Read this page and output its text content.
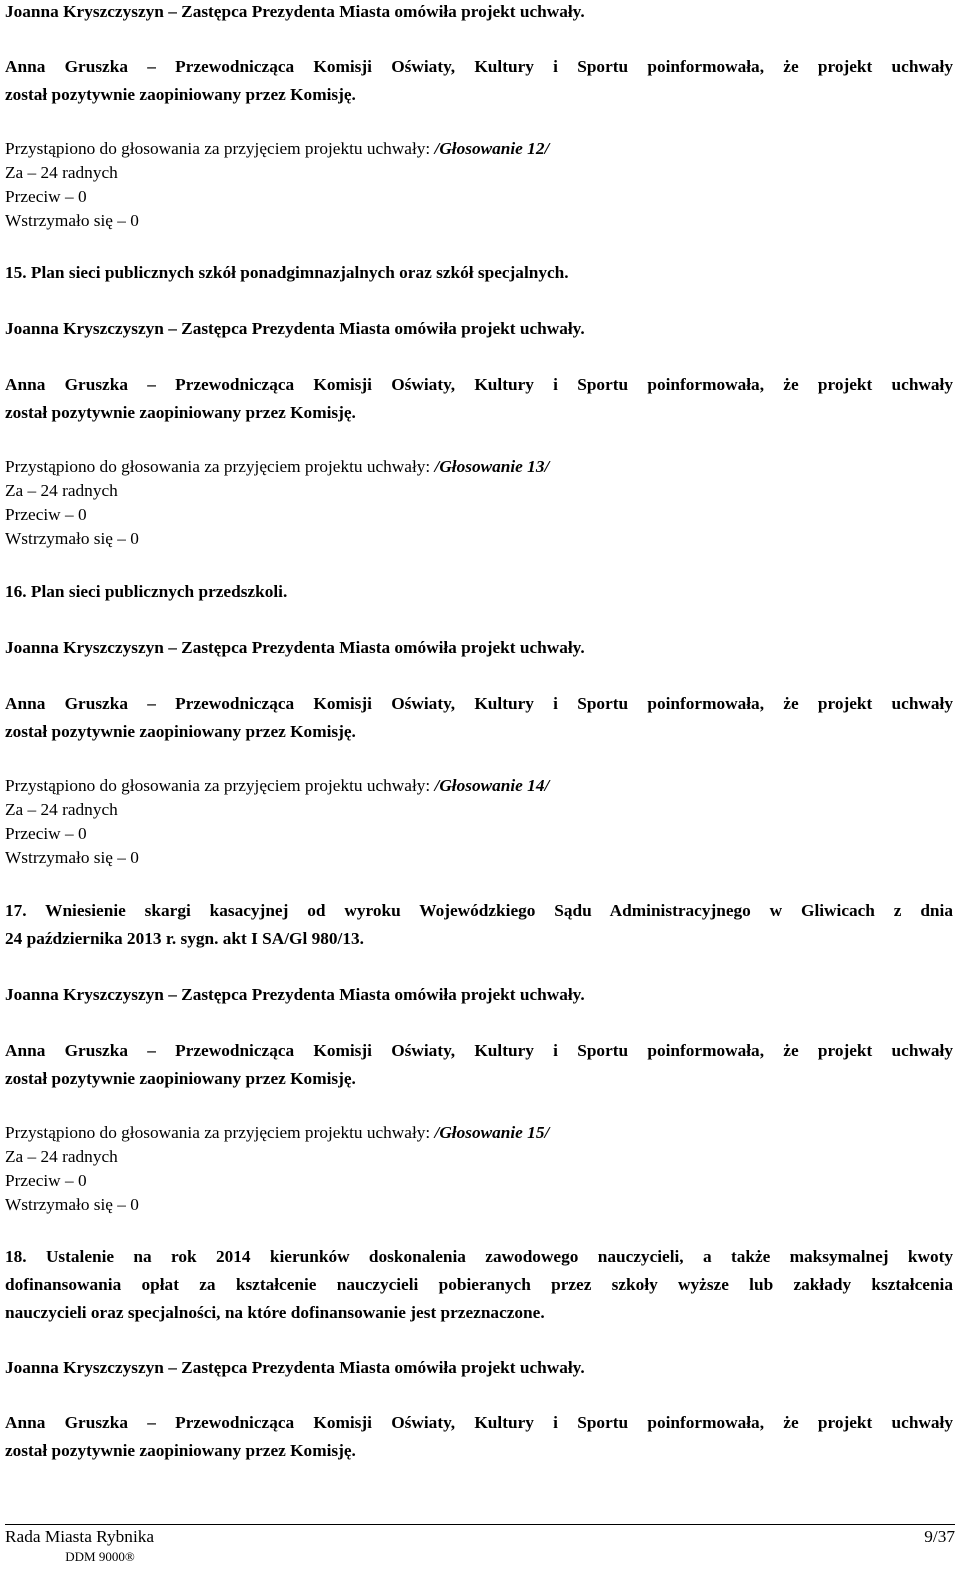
Joanna Kryszczyszyn – Zastępca Prezydenta Miasta omówiła projekt uchwały.
Anna Gruszka – Przewodnicząca Komisji Oświaty, Kultury i Sportu poinformowała, że projekt uchwały
został pozytywnie zaopiniowany przez Komisję.
Przystąpiono do głosowania za przyjęciem projektu uchwały: /Głosowanie 12/
Za – 24 radnych
Przeciw – 0
Wstrzymało się – 0
15. Plan sieci publicznych szkół ponadgimnazjalnych oraz szkół specjalnych.
Joanna Kryszczyszyn – Zastępca Prezydenta Miasta omówiła projekt uchwały.
Anna Gruszka – Przewodnicząca Komisji Oświaty, Kultury i Sportu poinformowała, że projekt uchwały
został pozytywnie zaopiniowany przez Komisję.
Przystąpiono do głosowania za przyjęciem projektu uchwały: /Głosowanie 13/
Za – 24 radnych
Przeciw – 0
Wstrzymało się – 0
16. Plan sieci publicznych przedszkoli.
Joanna Kryszczyszyn – Zastępca Prezydenta Miasta omówiła projekt uchwały.
Anna Gruszka – Przewodnicząca Komisji Oświaty, Kultury i Sportu poinformowała, że projekt uchwały
został pozytywnie zaopiniowany przez Komisję.
Przystąpiono do głosowania za przyjęciem projektu uchwały: /Głosowanie 14/
Za – 24 radnych
Przeciw – 0
Wstrzymało się – 0
17. Wniesienie skargi kasacyjnej od wyroku Wojewódzkiego Sądu Administracyjnego w Gliwicach z dnia
24 października 2013 r. sygn. akt I SA/Gl 980/13.
Joanna Kryszczyszyn – Zastępca Prezydenta Miasta omówiła projekt uchwały.
Anna Gruszka – Przewodnicząca Komisji Oświaty, Kultury i Sportu poinformowała, że projekt uchwały
został pozytywnie zaopiniowany przez Komisję.
Przystąpiono do głosowania za przyjęciem projektu uchwały: /Głosowanie 15/
Za – 24 radnych
Przeciw – 0
Wstrzymało się – 0
18. Ustalenie na rok 2014 kierunków doskonalenia zawodowego nauczycieli, a także maksymalnej kwoty
dofinansowania opłat za kształcenie nauczycieli pobieranych przez szkoły wyższe lub zakłady kształcenia
nauczycieli oraz specjalności, na które dofinansowanie jest przeznaczone.
Joanna Kryszczyszyn – Zastępca Prezydenta Miasta omówiła projekt uchwały.
Anna Gruszka – Przewodnicząca Komisji Oświaty, Kultury i Sportu poinformowała, że projekt uchwały
został pozytywnie zaopiniowany przez Komisję.
Rada Miasta Rybnika	9/37
DDM 9000®
